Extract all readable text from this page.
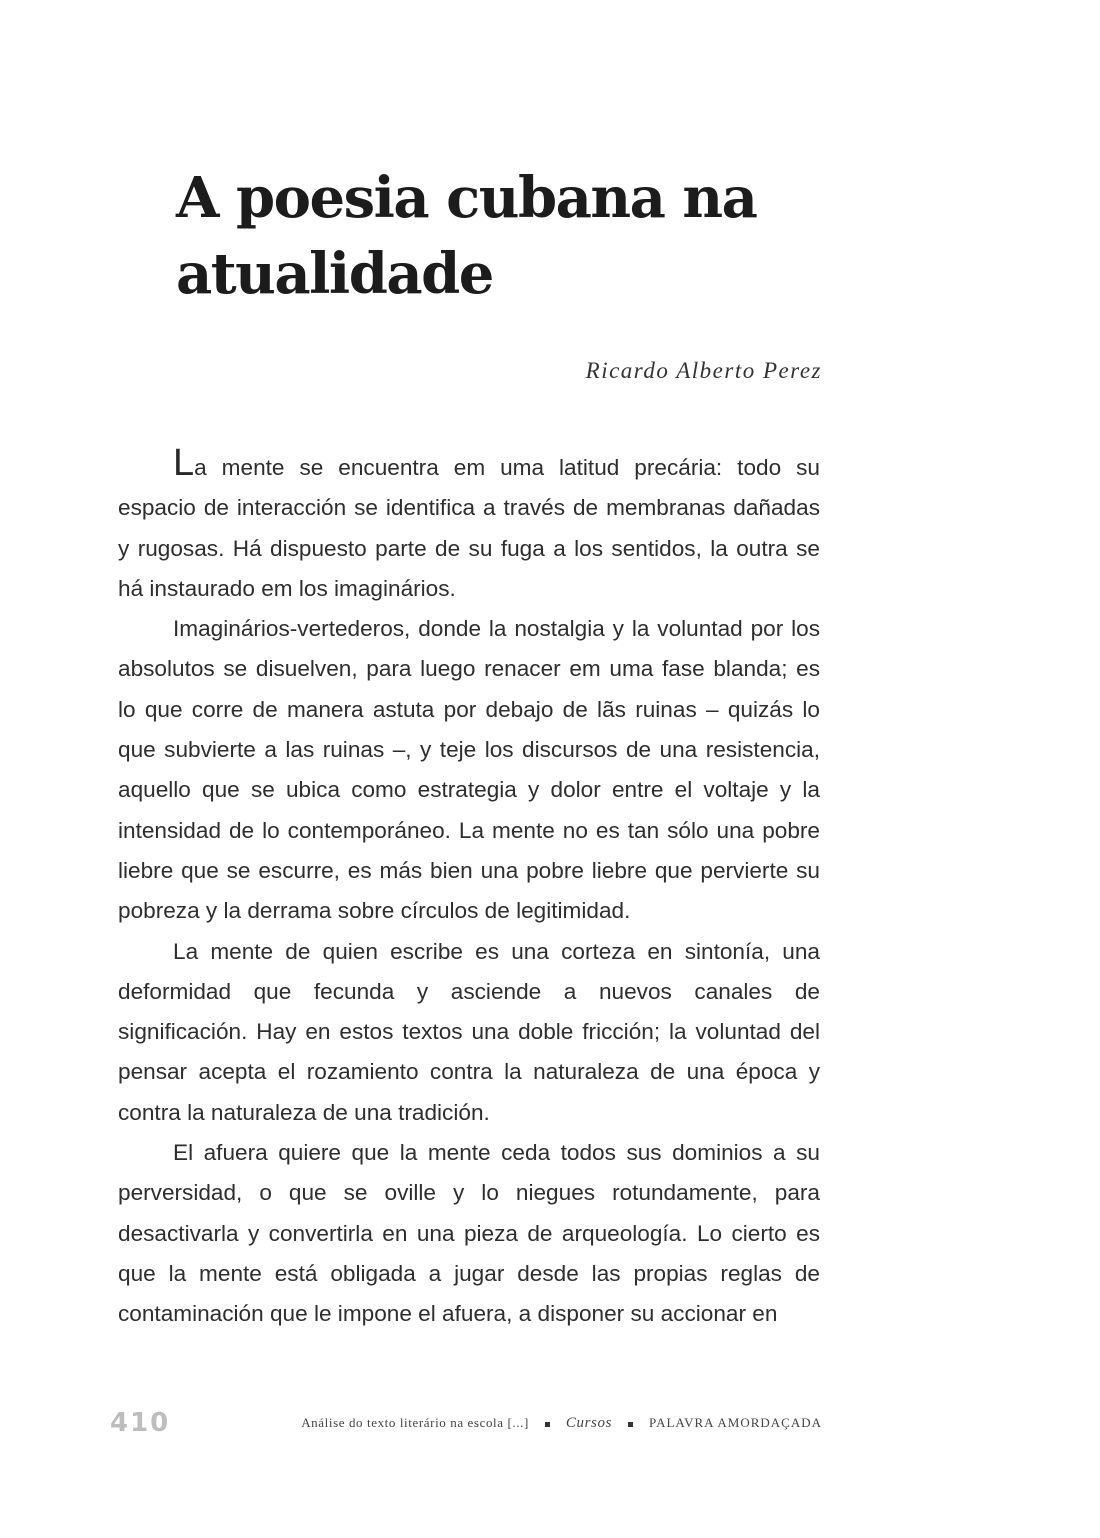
A poesia cubana na
atualidade
Ricardo Alberto Perez

La mente se encuentra em uma latitud precária: todo su espacio de interacción se identifica a través de membranas dañadas y rugosas. Há dispuesto parte de su fuga a los sentidos, la outra se há instaurado em los imaginários.

Imaginários-vertederos, donde la nostalgia y la voluntad por los absolutos se disuelven, para luego renacer em uma fase blanda; es lo que corre de manera astuta por debajo de lãs ruinas – quizás lo que subvierte a las ruinas –, y teje los discursos de una resistencia, aquello que se ubica como estrategia y dolor entre el voltaje y la intensidad de lo contemporáneo. La mente no es tan sólo una pobre liebre que se escurre, es más bien una pobre liebre que pervierte su pobreza y la derrama sobre círculos de legitimidad.

La mente de quien escribe es una corteza en sintonía, una deformidad que fecunda y asciende a nuevos canales de significación. Hay en estos textos una doble fricción; la voluntad del pensar acepta el rozamiento contra la naturaleza de una época y contra la naturaleza de una tradición.

El afuera quiere que la mente ceda todos sus dominios a su perversidad, o que se oville y lo niegues rotundamente, para desactivarla y convertirla en una pieza de arqueología. Lo cierto es que la mente está obligada a jugar desde las propias reglas de contaminación que le impone el afuera, a disponer su accionar en

410	Análise do texto literário na escola [...] Cursos	PALAVRA AMORDAÇADA
